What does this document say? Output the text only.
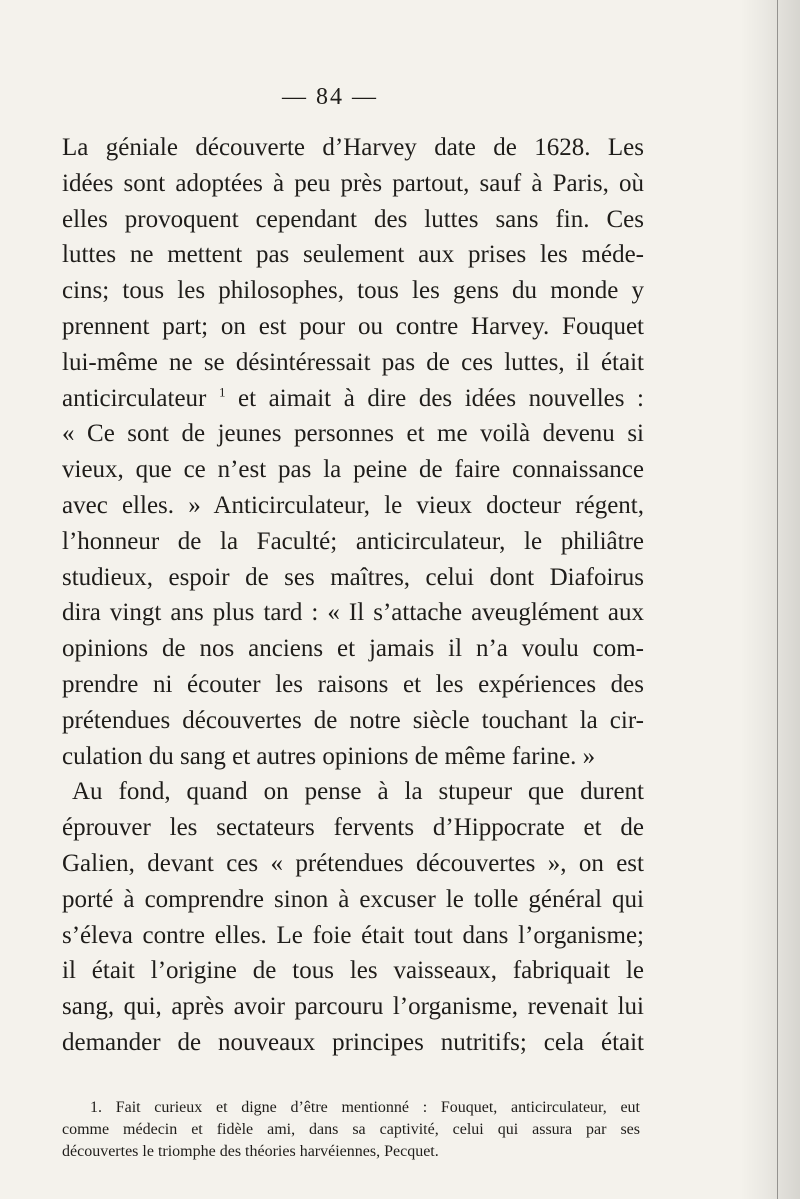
— 84 —
La géniale découverte d’Harvey date de 1628. Les
idées sont adoptées à peu près partout, sauf à Paris, où
elles provoquent cependant des luttes sans fin. Ces
luttes ne mettent pas seulement aux prises les méde-
cins; tous les philosophes, tous les gens du monde y
prennent part; on est pour ou contre Harvey. Fouquet
lui-même ne se désintéressait pas de ces luttes, il était
anticirculateur $^1$ et aimait à dire des idées nouvelles :
« Ce sont de jeunes personnes et me voilà devenu si
vieux, que ce n’est pas la peine de faire connaissance
avec elles. » Anticirculateur, le vieux docteur régent,
l’honneur de la Faculté; anticirculateur, le philiâtre
studieux, espoir de ses maîtres, celui dont Diafoirus
dira vingt ans plus tard : « Il s’attache aveuglément aux
opinions de nos anciens et jamais il n’a voulu com-
prendre ni écouter les raisons et les expériences des
prétendues découvertes de notre siècle touchant la cir-
culation du sang et autres opinions de même farine. »
Au fond, quand on pense à la stupeur que durent
éprouver les sectateurs fervents d’Hippocrate et de
Galien, devant ces « prétendues découvertes », on est
porté à comprendre sinon à excuser le tolle général qui
s’éleva contre elles. Le foie était tout dans l’organisme;
il était l’origine de tous les vaisseaux, fabriquait le
sang, qui, après avoir parcouru l’organisme, revenait lui
demander de nouveaux principes nutritifs; cela était
1. Fait curieux et digne d’être mentionné : Fouquet, anticirculateur, eut
comme médecin et fidèle ami, dans sa captivité, celui qui assura par ses
découvertes le triomphe des théories harvéiennes, Pecquet.
